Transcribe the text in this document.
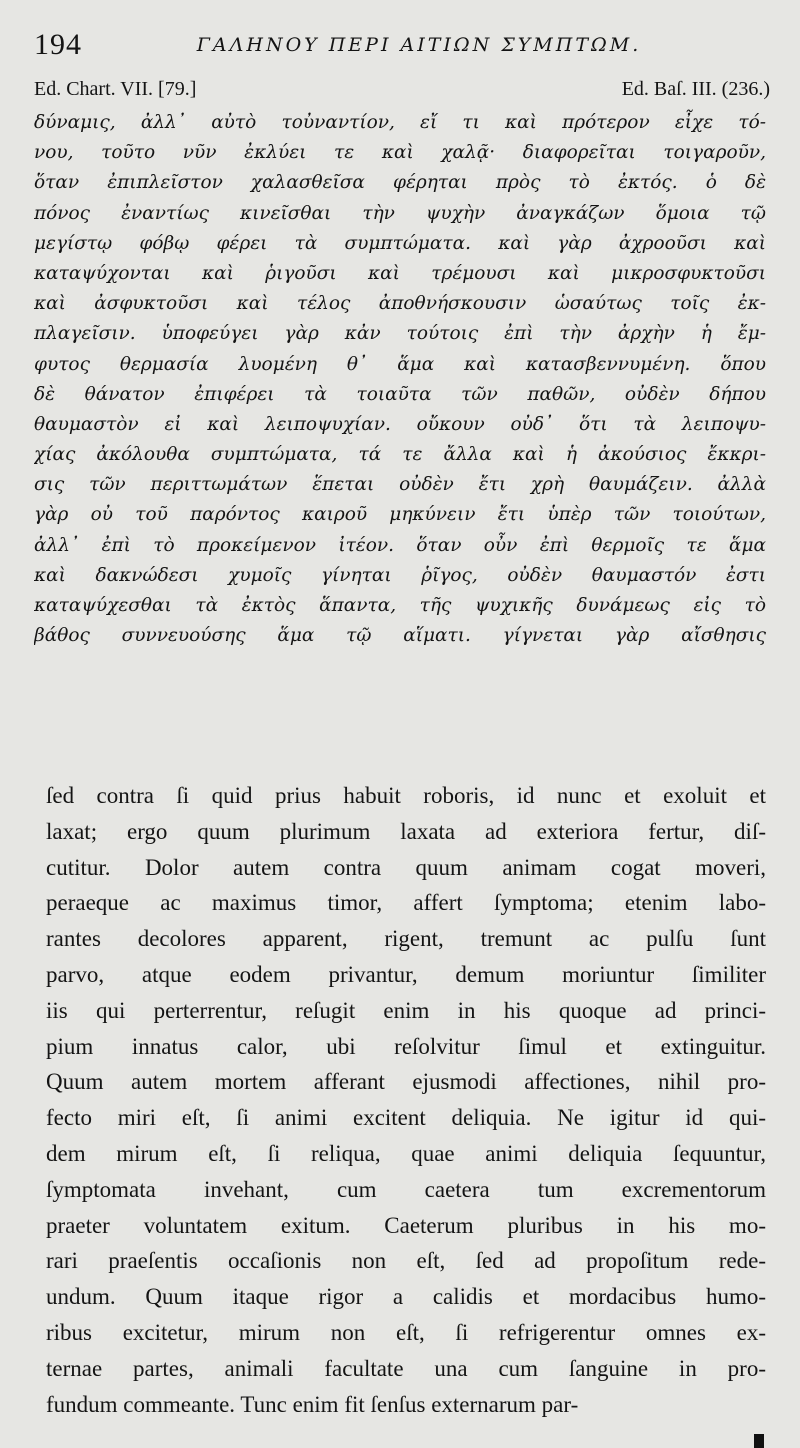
194	ΓΑΛΗΝΟΥ ΠΕΡΙ ΑΙΤΙΩΝ ΣΥΜΠΤΩΜ.
Ed. Chart. VII. [79.]	Ed. Baſ. III. (236.)
δύναμις, ἀλλ᾽ αὐτὸ τοὐναντίον, εἴ τι καὶ πρότερον εἶχε τό-
νου, τοῦτο νῦν ἐκλύει τε καὶ χαλᾷ· διαφορεῖται τοιγαροῦν,
ὅταν ἐπιπλεῖστον χαλασθεῖσα φέρηται πρὸς τὸ ἐκτός. ὁ δὲ
πόνος ἐναντίως κινεῖσθαι τὴν ψυχὴν ἀναγκάζων ὅμοια τῷ
μεγίστῳ φόβῳ φέρει τὰ συμπτώματα. καὶ γὰρ ἀχροοῦσι καὶ
καταψύχονται καὶ ῥιγοῦσι καὶ τρέμουσι καὶ μικροσφυκτοῦσι
καὶ ἀσφυκτοῦσι καὶ τέλος ἀποθνήσκουσιν ὡσαύτως τοῖς ἐκ-
πλαγεῖσιν. ὑποφεύγει γὰρ κἀν τούτοις ἐπὶ τὴν ἀρχὴν ἡ ἔμ-
φυτος θερμασία λυομένη θ᾽ ἅμα καὶ κατασβεννυμένη. ὅπου
δὲ θάνατον ἐπιφέρει τὰ τοιαῦτα τῶν παθῶν, οὐδὲν δήπου
θαυμαστὸν εἰ καὶ λειποψυχίαν. οὔκουν οὐδ᾽ ὅτι τὰ λειποψυ-
χίας ἀκόλουθα συμπτώματα, τά τε ἄλλα καὶ ἡ ἀκούσιος ἔκκρι-
σις τῶν περιττωμάτων ἕπεται οὐδὲν ἔτι χρὴ θαυμάζειν. ἀλλὰ
γὰρ οὐ τοῦ παρόντος καιροῦ μηκύνειν ἔτι ὑπὲρ τῶν τοιούτων,
ἀλλ᾽ ἐπὶ τὸ προκείμενον ἰτέον. ὅταν οὖν ἐπὶ θερμοῖς τε ἅμα
καὶ δακνώδεσι χυμοῖς γίνηται ῥῖγος, οὐδὲν θαυμαστόν ἐστι
καταψύχεσθαι τὰ ἐκτὸς ἅπαντα, τῆς ψυχικῆς δυνάμεως εἰς τὸ
βάθος συννευούσης ἅμα τῷ αἵματι. γίγνεται γὰρ αἴσθησις
ſed contra ſi quid prius habuit roboris, id nunc et exoluit et
laxat; ergo quum plurimum laxata ad exteriora fertur, diſ-
cutitur. Dolor autem contra quum animam cogat moveri,
peraeque ac maximus timor, affert ſymptoma; etenim labo-
rantes decolores apparent, rigent, tremunt ac pulſu ſunt
parvo, atque eodem privantur, demum moriuntur ſimiliter
iis qui perterrentur, reſugit enim in his quoque ad princi-
pium innatus calor, ubi reſolvitur ſimul et extinguitur.
Quum autem mortem afferant ejusmodi affectiones, nihil pro-
fecto miri eſt, ſi animi excitent deliquia. Ne igitur id qui-
dem mirum eſt, ſi reliqua, quae animi deliquia ſequuntur,
ſymptomata invehant, cum caetera tum excrementorum
praeter voluntatem exitum. Caeterum pluribus in his mo-
rari praeſentis occaſionis non eſt, ſed ad propoſitum rede-
undum. Quum itaque rigor a calidis et mordacibus humo-
ribus excitetur, mirum non eſt, ſi refrigerentur omnes ex-
ternae partes, animali facultate una cum ſanguine in pro-
fundum commeante. Tunc enim fit ſenſus externarum par-
